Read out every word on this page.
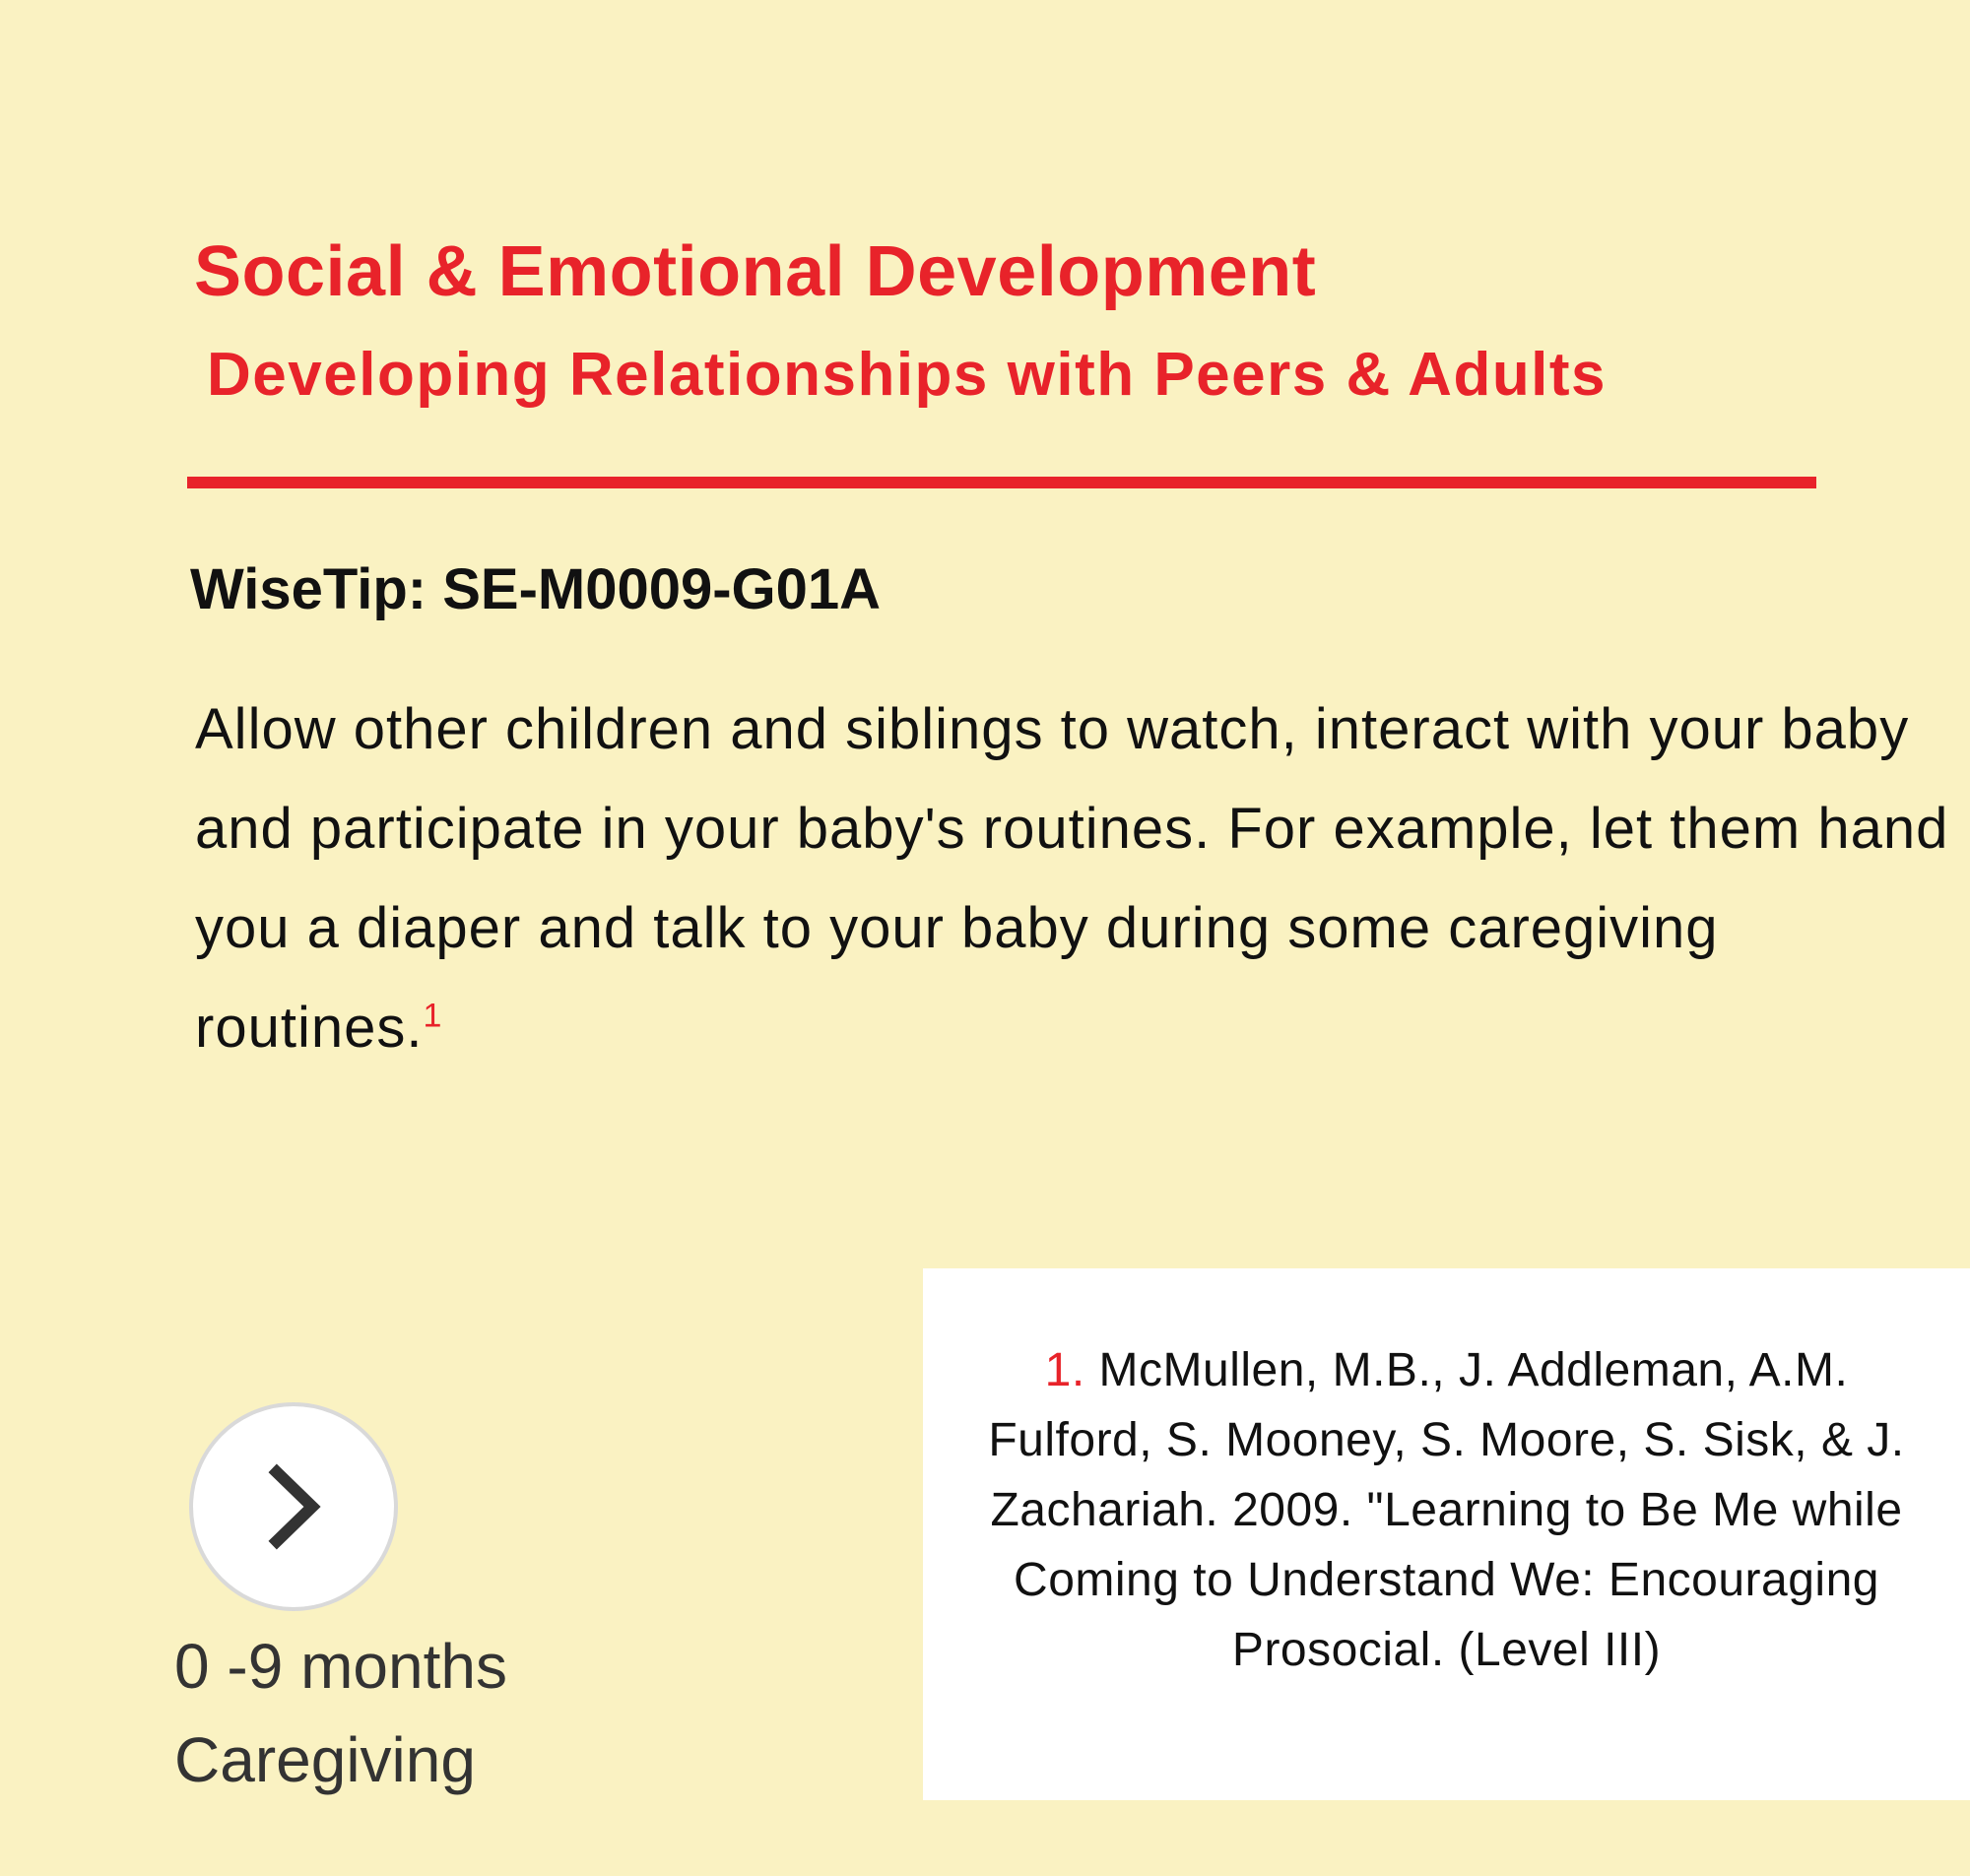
Social & Emotional Development
Developing Relationships with Peers & Adults
WiseTip: SE-M0009-G01A
Allow other children and siblings to watch, interact with your baby and participate in your baby's routines. For example, let them hand you a diaper and talk to your baby during some caregiving routines.$^1$
0 -9 months
Caregiving
1. McMullen, M.B., J. Addleman, A.M. Fulford, S. Mooney, S. Moore, S. Sisk, & J. Zachariah. 2009. "Learning to Be Me while Coming to Understand We: Encouraging Prosocial. (Level III)
